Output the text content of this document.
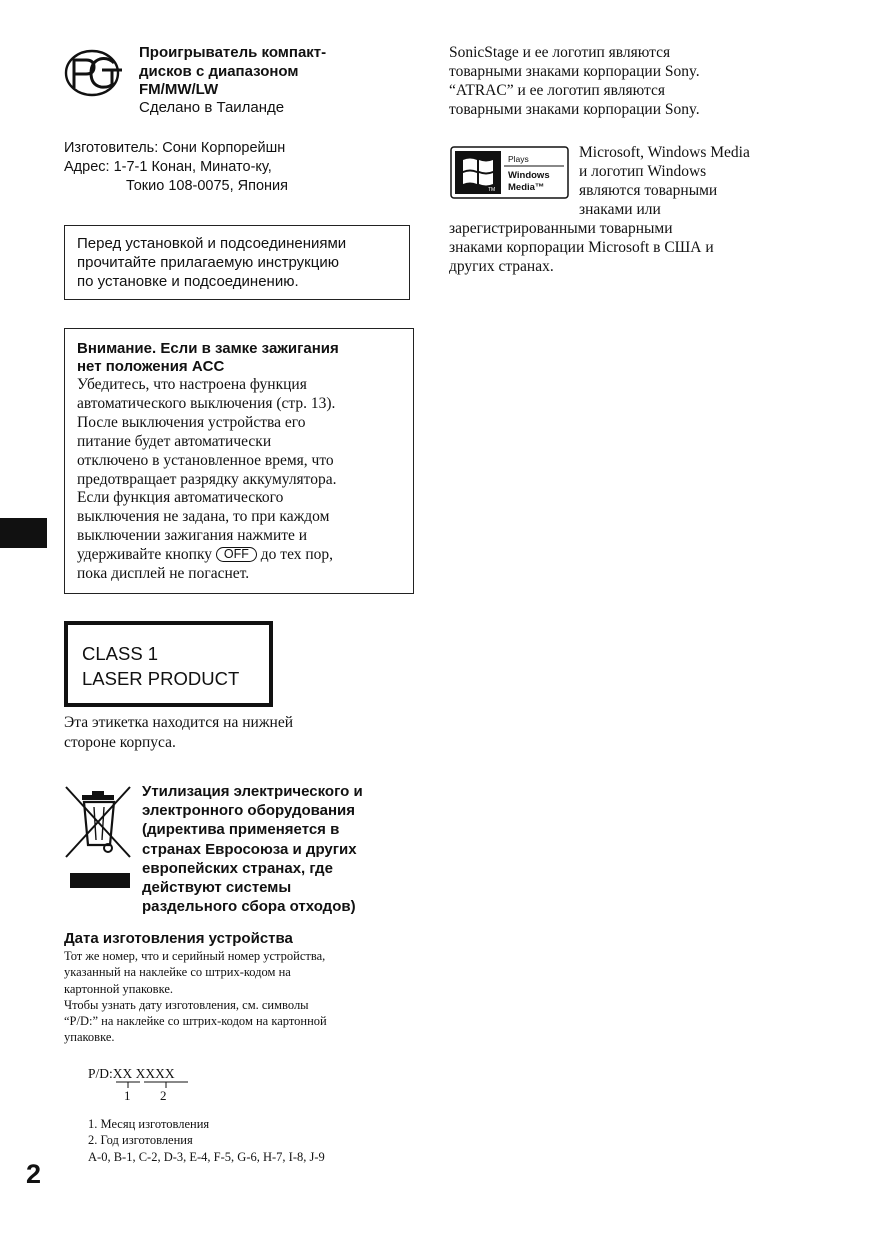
Проигрыватель компакт-
дисков с диапазоном
FM/MW/LW
Сделано в Таиланде
Изготовитель: Сони Корпорейшн
Адрес: 1-7-1 Конан, Минато-ку,
Токио 108-0075, Япония
Перед установкой и подсоединениями
прочитайте прилагаемую инструкцию
по установке и подсоединению.
Внимание. Если в замке зажигания
нет положения ACC
Убедитесь, что настроена функция
автоматического выключения (стр. 13).
После выключения устройства его
питание будет автоматически
отключено в установленное время, что
предотвращает разрядку аккумулятора.
Если функция автоматического
выключения не задана, то при каждом
выключении зажигания нажмите и
удерживайте кнопку OFF до тех пор,
пока дисплей не погаснет.
CLASS 1
LASER PRODUCT
Эта этикетка находится на нижней
стороне корпуса.
Утилизация электрического и
электронного оборудования
(директива применяется в
странах Евросоюза и других
европейских странах, где
действуют системы
раздельного сбора отходов)
Дата изготовления устройства
Тот же номер, что и серийный номер устройства,
указанный на наклейке со штрих-кодом на
картонной упаковке.
Чтобы узнать дату изготовления, см. символы
“P/D:” на наклейке со штрих-кодом на картонной
упаковке.
P/D:XX XXXX
1 2
1. Месяц изготовления
2. Год изготовления
A-0, B-1, C-2, D-3, E-4, F-5, G-6, H-7, I-8, J-9
2
SonicStage и ее логотип являются
товарными знаками корпорации Sony.
“ATRAC” и ее логотип являются
товарными знаками корпорации Sony.
Plays
Windows
Media™
TM
Microsoft, Windows Media
и логотип Windows
являются товарными
знаками или
зарегистрированными товарными
знаками корпорации Microsoft в США и
других странах.
